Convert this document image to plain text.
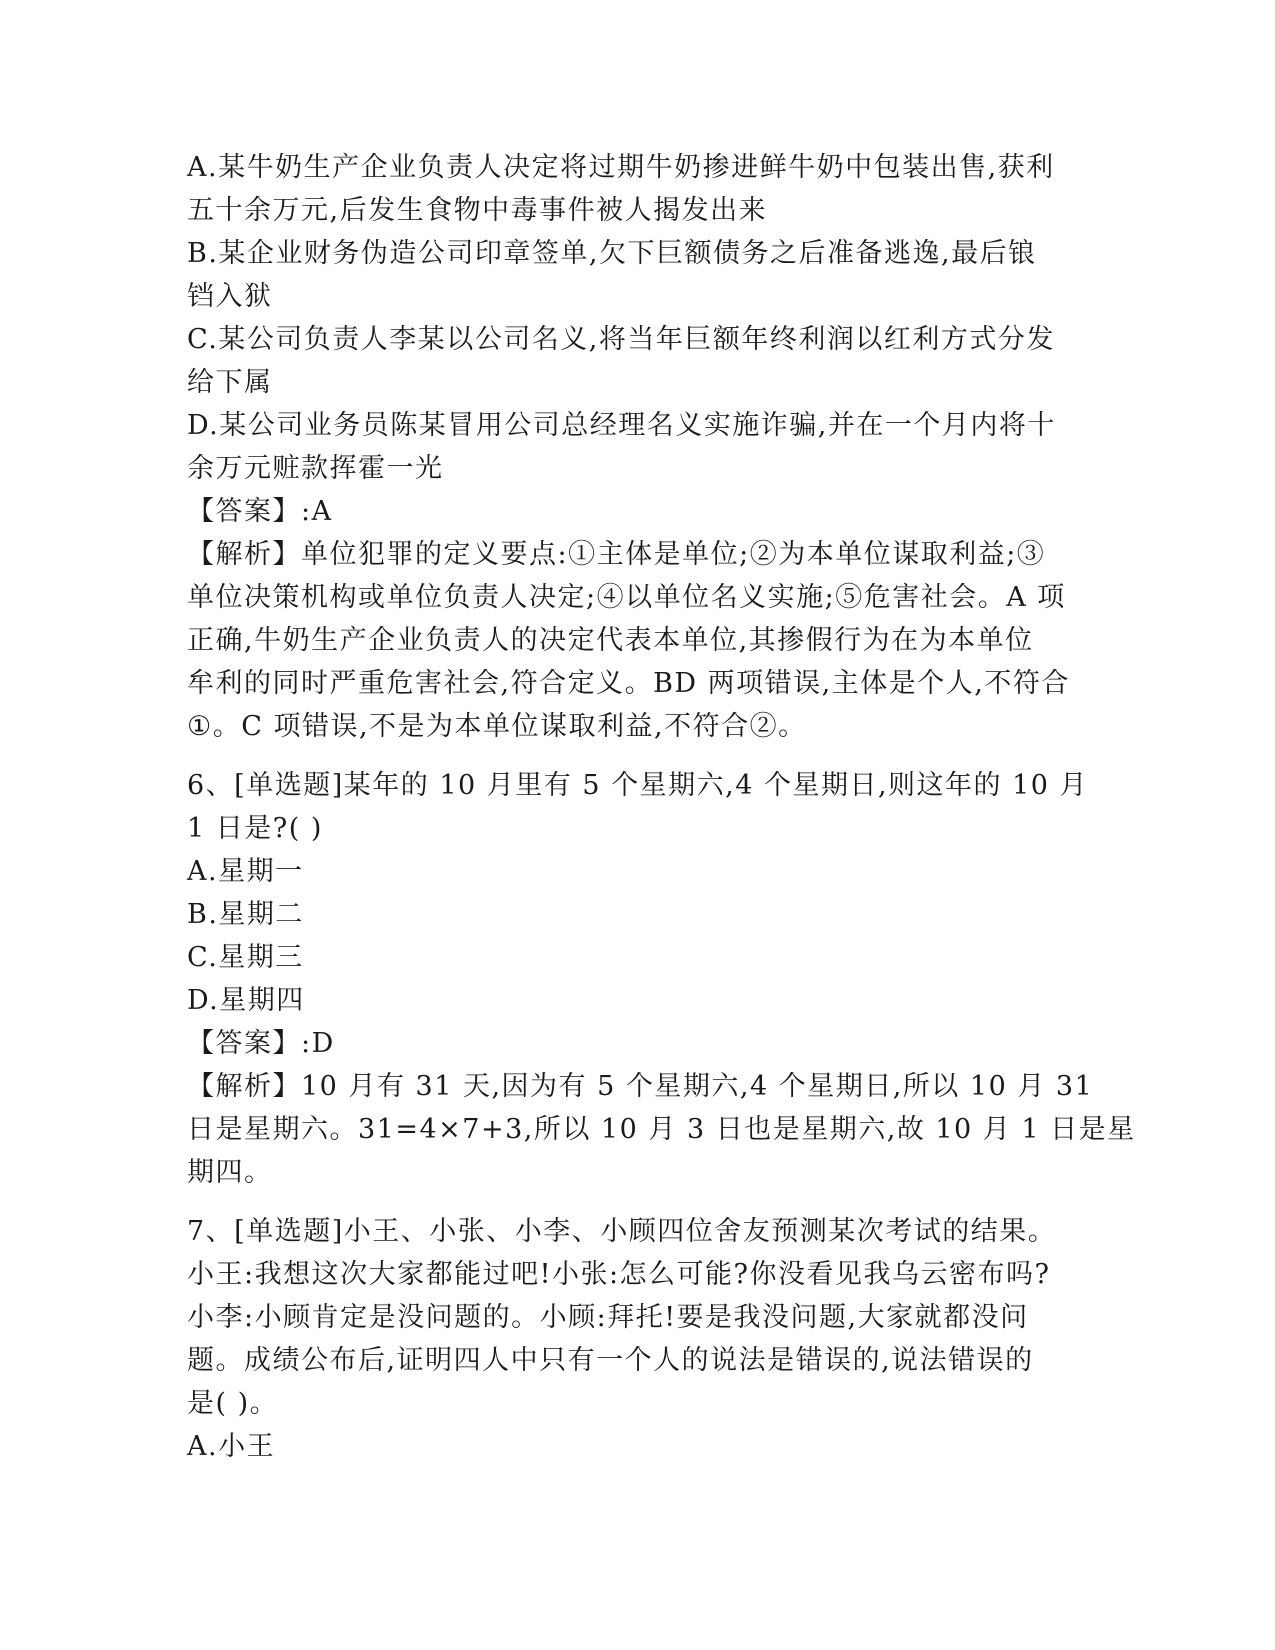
A.某牛奶生产企业负责人决定将过期牛奶掺进鲜牛奶中包装出售,获利
五十余万元,后发生食物中毒事件被人揭发出来
B.某企业财务伪造公司印章签单,欠下巨额债务之后准备逃逸,最后锒
铛入狱
C.某公司负责人李某以公司名义,将当年巨额年终利润以红利方式分发
给下属
D.某公司业务员陈某冒用公司总经理名义实施诈骗,并在一个月内将十
余万元赃款挥霍一光
【答案】:A
【解析】单位犯罪的定义要点:①主体是单位;②为本单位谋取利益;③
单位决策机构或单位负责人决定;④以单位名义实施;⑤危害社会。A 项
正确,牛奶生产企业负责人的决定代表本单位,其掺假行为在为本单位
牟利的同时严重危害社会,符合定义。BD 两项错误,主体是个人,不符合
①。C 项错误,不是为本单位谋取利益,不符合②。
6、[单选题]某年的 10 月里有 5 个星期六,4 个星期日,则这年的 10 月
1 日是?( )
A.星期一
B.星期二
C.星期三
D.星期四
【答案】:D
【解析】10 月有 31 天,因为有 5 个星期六,4 个星期日,所以 10 月 31
日是星期六。31=4×7+3,所以 10 月 3 日也是星期六,故 10 月 1 日是星
期四。
7、[单选题]小王、小张、小李、小顾四位舍友预测某次考试的结果。
小王:我想这次大家都能过吧!小张:怎么可能?你没看见我乌云密布吗?
小李:小顾肯定是没问题的。小顾:拜托!要是我没问题,大家就都没问
题。成绩公布后,证明四人中只有一个人的说法是错误的,说法错误的
是( )。
A.小王
